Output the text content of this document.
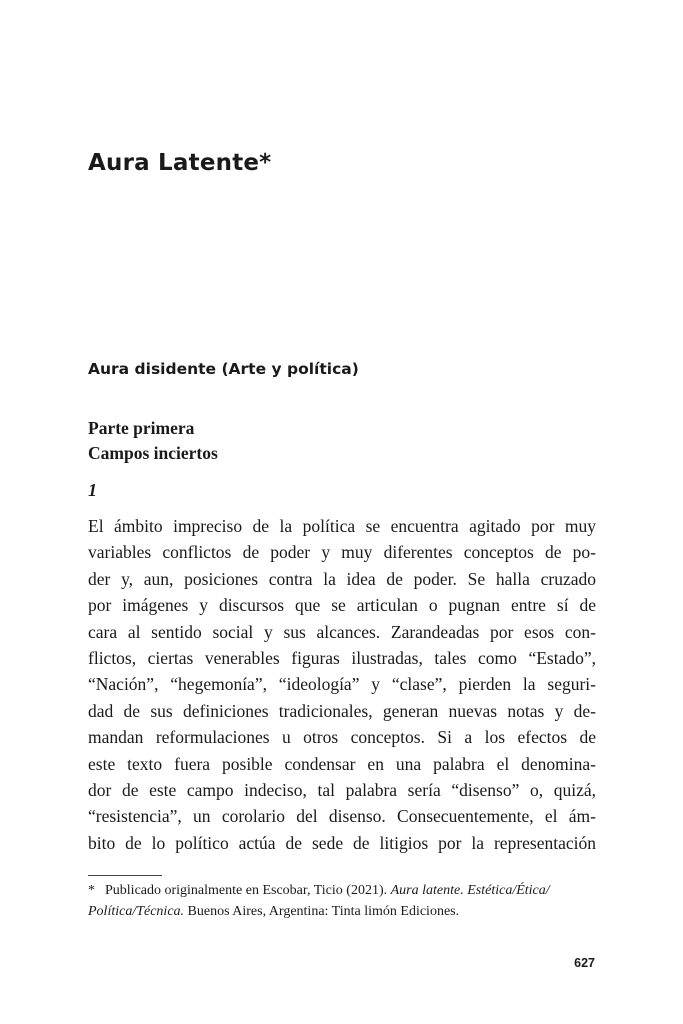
Aura Latente*
Aura disidente (Arte y política)
Parte primera
Campos inciertos

1

El ámbito impreciso de la política se encuentra agitado por muy
variables conflictos de poder y muy diferentes conceptos de po-
der y, aun, posiciones contra la idea de poder. Se halla cruzado
por imágenes y discursos que se articulan o pugnan entre sí de
cara al sentido social y sus alcances. Zarandeadas por esos con-
flictos, ciertas venerables figuras ilustradas, tales como “Estado”,
“Nación”, “hegemonía”, “ideología” y “clase”, pierden la seguri-
dad de sus definiciones tradicionales, generan nuevas notas y de-
mandan reformulaciones u otros conceptos. Si a los efectos de
este texto fuera posible condensar en una palabra el denomina-
dor de este campo indeciso, tal palabra sería “disenso” o, quizá,
“resistencia”, un corolario del disenso. Consecuentemente, el ám-
bito de lo político actúa de sede de litigios por la representación

* Publicado originalmente en Escobar, Ticio (2021). Aura latente. Estética/Ética/ Política/Técnica. Buenos Aires, Argentina: Tinta limón Ediciones.

627
